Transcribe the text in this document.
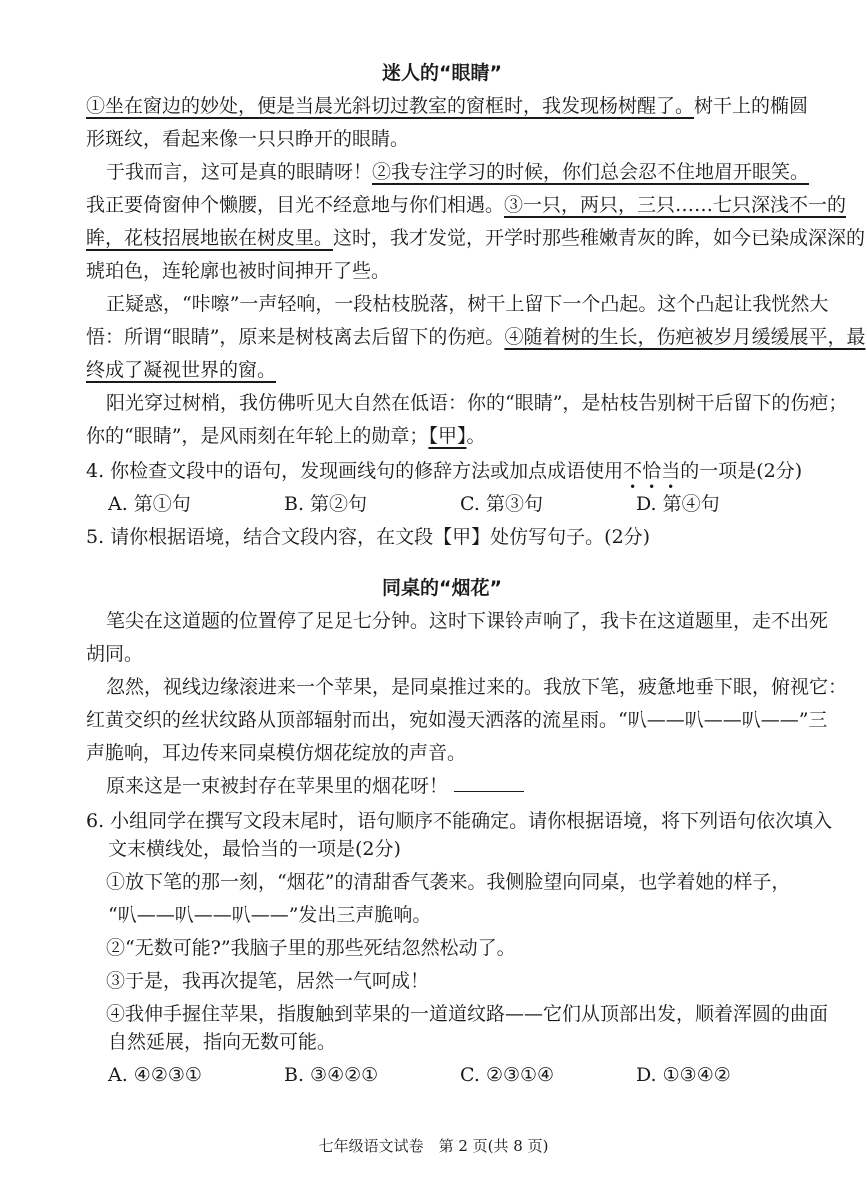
迷人的“眼睛”
①坐在窗边的妙处，便是当晨光斜切过教室的窗框时，我发现杨树醒了。树干上的椭圆
形斑纹，看起来像一只只睁开的眼睛。
于我而言，这可是真的眼睛呀！②我专注学习的时候，你们总会忍不住地眉开眼笑。
我正要倚窗伸个懒腰，目光不经意地与你们相遇。③一只，两只，三只……七只深浅不一的
眸，花枝招展地嵌在树皮里。这时，我才发觉，开学时那些稚嫩青灰的眸，如今已染成深深的
琥珀色，连轮廓也被时间抻开了些。
正疑惑，“咔嚓”一声轻响，一段枯枝脱落，树干上留下一个凸起。这个凸起让我恍然大
悟：所谓“眼睛”，原来是树枝离去后留下的伤疤。④随着树的生长，伤疤被岁月缓缓展平，最
终成了凝视世界的窗。
阳光穿过树梢，我仿佛听见大自然在低语：你的“眼睛”，是枯枝告别树干后留下的伤疤；
你的“眼睛”，是风雨刻在年轮上的勋章；【甲】。
4. 你检查文段中的语句，发现画线句的修辞方法或加点成语使用不恰当的一项是(2分)
A. 第①句	B. 第②句	C. 第③句	D. 第④句
5. 请你根据语境，结合文段内容，在文段【甲】处仿写句子。(2分)
同桌的“烟花”
笔尖在这道题的位置停了足足七分钟。这时下课铃声响了，我卡在这道题里，走不出死
胡同。
忽然，视线边缘滚进来一个苹果，是同桌推过来的。我放下笔，疲惫地垂下眼，俯视它：
红黄交织的丝状纹路从顶部辐射而出，宛如漫天洒落的流星雨。“叭——叭——叭——”三
声脆响，耳边传来同桌模仿烟花绽放的声音。
原来这是一束被封存在苹果里的烟花呀！
6. 小组同学在撰写文段末尾时，语句顺序不能确定。请你根据语境，将下列语句依次填入
文末横线处，最恰当的一项是(2分)
①放下笔的那一刻，“烟花”的清甜香气袭来。我侧脸望向同桌，也学着她的样子，
“叭——叭——叭——”发出三声脆响。
②“无数可能?”我脑子里的那些死结忽然松动了。
③于是，我再次提笔，居然一气呵成！
④我伸手握住苹果，指腹触到苹果的一道道纹路——它们从顶部出发，顺着浑圆的曲面
自然延展，指向无数可能。
A. ④②③①	B. ③④②①	C. ②③①④	D. ①③④②
七年级语文试卷　第 2 页(共 8 页)
